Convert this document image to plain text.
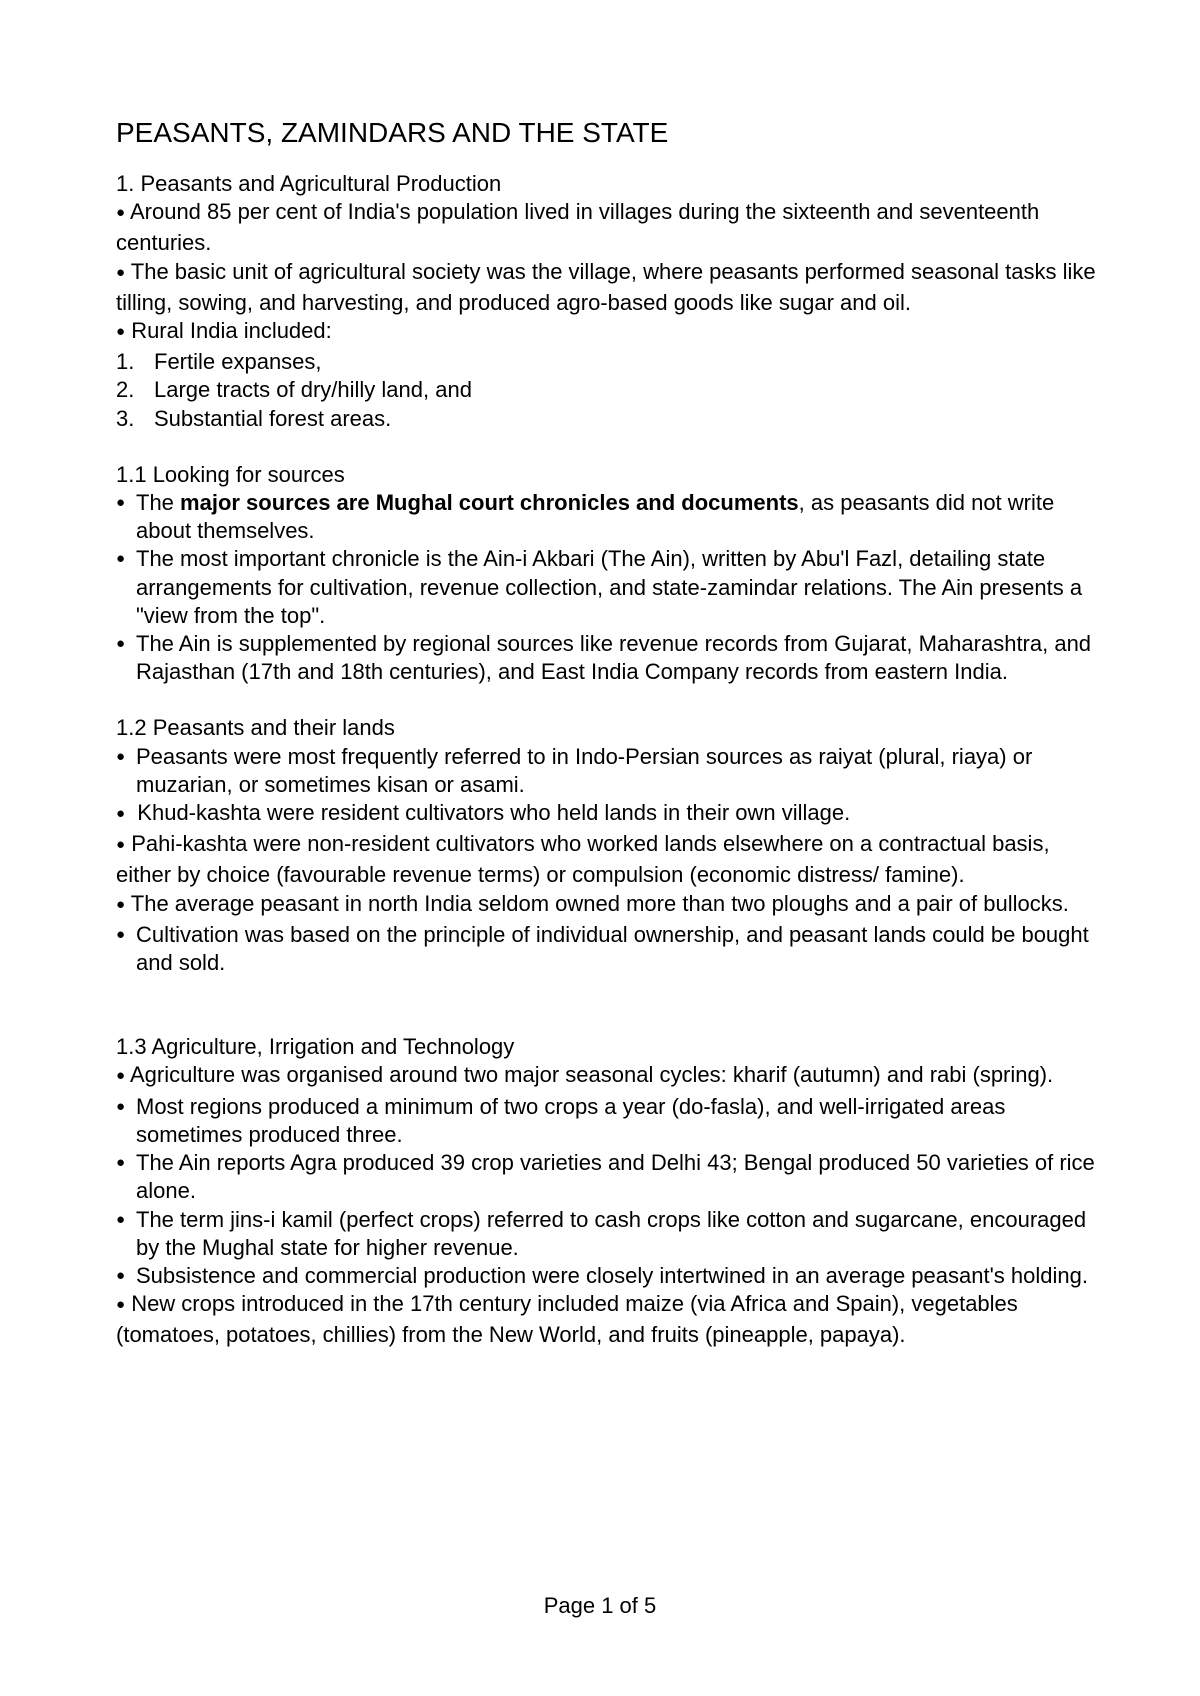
PEASANTS, ZAMINDARS AND THE STATE
1. Peasants and Agricultural Production
● Around 85 per cent of India's population lived in villages during the sixteenth and seventeenth centuries.
● The basic unit of agricultural society was the village, where peasants performed seasonal tasks like tilling, sowing, and harvesting, and produced agro-based goods like sugar and oil.
● Rural India included:
1. Fertile expanses,
2. Large tracts of dry/hilly land, and
3. Substantial forest areas.
1.1 Looking for sources
● The major sources are Mughal court chronicles and documents, as peasants did not write about themselves.
● The most important chronicle is the Ain-i Akbari (The Ain), written by Abu'l Fazl, detailing state arrangements for cultivation, revenue collection, and state-zamindar relations. The Ain presents a "view from the top".
● The Ain is supplemented by regional sources like revenue records from Gujarat, Maharashtra, and Rajasthan (17th and 18th centuries), and East India Company records from eastern India.
1.2 Peasants and their lands
● Peasants were most frequently referred to in Indo-Persian sources as raiyat (plural, riaya) or muzarian, or sometimes kisan or asami.
● Khud-kashta were resident cultivators who held lands in their own village.
● Pahi-kashta were non-resident cultivators who worked lands elsewhere on a contractual basis, either by choice (favourable revenue terms) or compulsion (economic distress/ famine).
● The average peasant in north India seldom owned more than two ploughs and a pair of bullocks.
● Cultivation was based on the principle of individual ownership, and peasant lands could be bought and sold.
1.3 Agriculture, Irrigation and Technology
● Agriculture was organised around two major seasonal cycles: kharif (autumn) and rabi (spring).
● Most regions produced a minimum of two crops a year (do-fasla), and well-irrigated areas sometimes produced three.
● The Ain reports Agra produced 39 crop varieties and Delhi 43; Bengal produced 50 varieties of rice alone.
● The term jins-i kamil (perfect crops) referred to cash crops like cotton and sugarcane, encouraged by the Mughal state for higher revenue.
● Subsistence and commercial production were closely intertwined in an average peasant's holding.
● New crops introduced in the 17th century included maize (via Africa and Spain), vegetables (tomatoes, potatoes, chillies) from the New World, and fruits (pineapple, papaya).
Page 1 of 5
